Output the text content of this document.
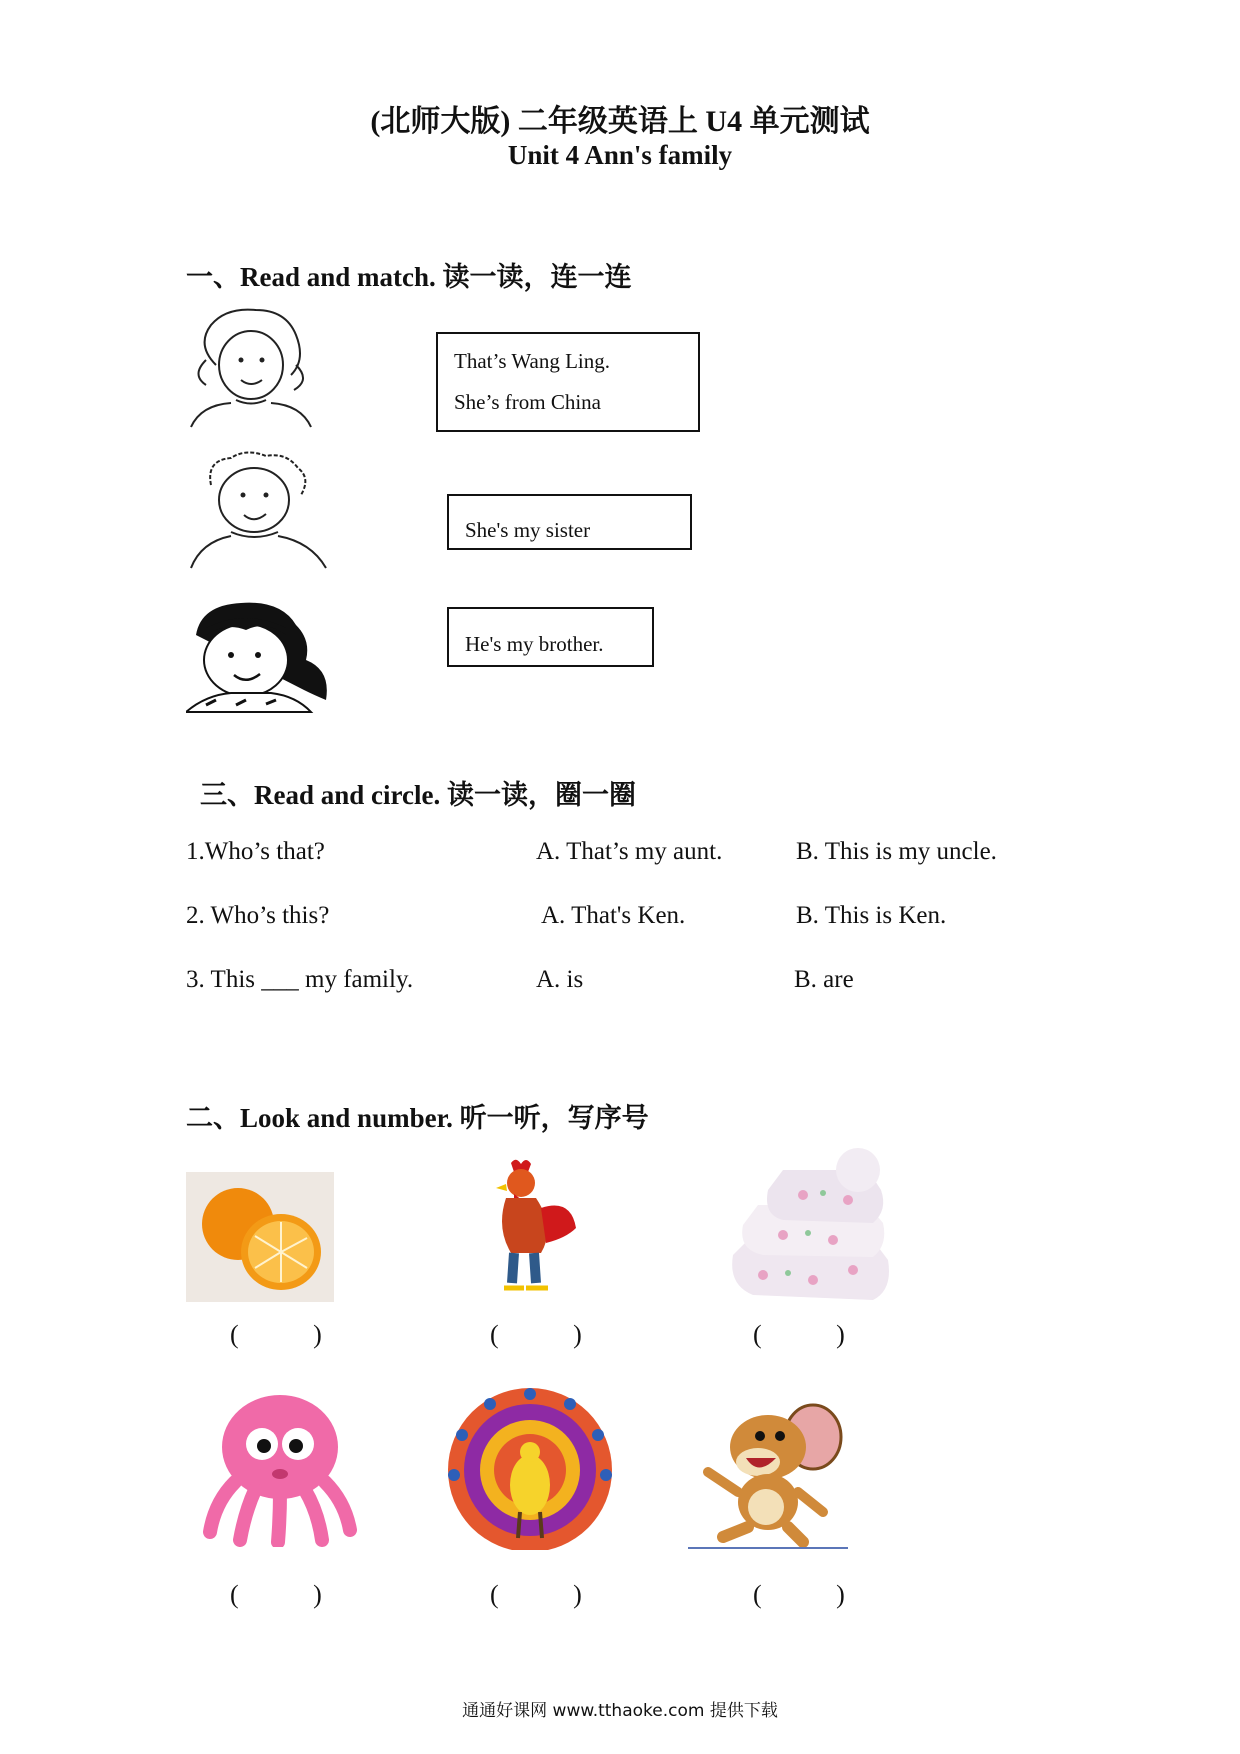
(北师大版) 二年级英语上 U4 单元测试
Unit 4 Ann's family
一、Read and match. 读一读，连一连
That’s Wang Ling.
She’s from China
She's my sister
He's my brother.
三、Read and circle. 读一读，圈一圈
1.Who’s that?	A. That’s my aunt.	B. This is my uncle.
2. Who’s this?	A. That's Ken.	B. This is Ken.
3. This ___ my family.	A. is	B. are
二、Look and number. 听一听，写序号
( )	( )	( )
( )	( )	( )
通通好课网 www.tthaoke.com 提供下载
